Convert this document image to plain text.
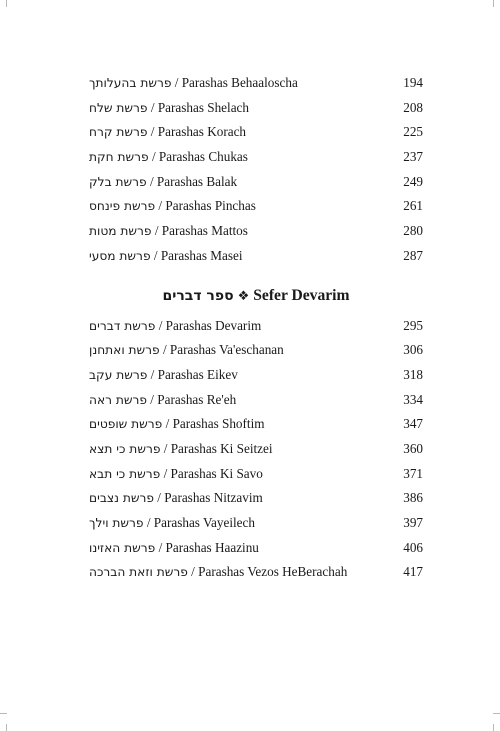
פרשת בהעלותך / Parashas Behaaloscha	194
פרשת שלח / Parashas Shelach	208
פרשת קרח / Parashas Korach	225
פרשת חקת / Parashas Chukas	237
פרשת בלק / Parashas Balak	249
פרשת פינחס / Parashas Pinchas	261
פרשת מטות / Parashas Mattos	280
פרשת מסעי / Parashas Masei	287
ספר דברים ❖ Sefer Devarim
פרשת דברים / Parashas Devarim	295
פרשת ואתחנן / Parashas Va'eschanan	306
פרשת עקב / Parashas Eikev	318
פרשת ראה / Parashas Re'eh	334
פרשת שופטים / Parashas Shoftim	347
פרשת כי תצא / Parashas Ki Seitzei	360
פרשת כי תבא / Parashas Ki Savo	371
פרשת נצבים / Parashas Nitzavim	386
פרשת וילך / Parashas Vayeilech	397
פרשת האזינו / Parashas Haazinu	406
פרשת וזאת הברכה / Parashas Vezos HeBerachah	417
